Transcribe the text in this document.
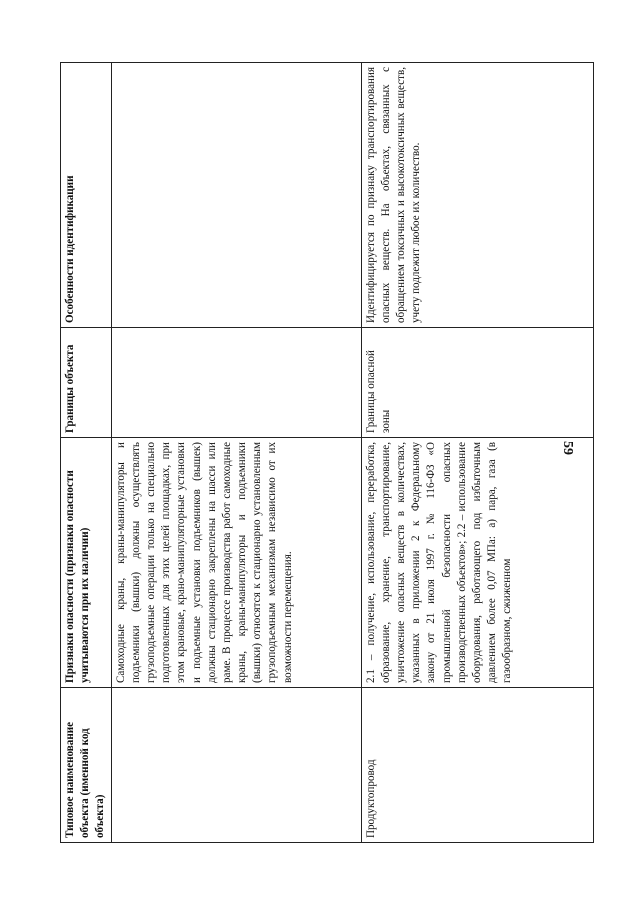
59
Типовое наименование объекта (именной код объекта)	Признаки опасности (признаки опасности учитываются при их наличии)	Границы объекта	Особенности идентификации
	Самоходные краны, краны-манипуляторы и подъемники (вышки) должны осуществлять грузоподъемные операции только на специально подготовленных для этих целей площадках, при этом крановые, крано-манипуляторные установки и подъемные установки подъемников (вышек) должны стационарно закреплены на шасси или раме. В процессе производства работ самоходные краны, краны-манипуляторы и подъемники (вышки) относятся к стационарно установленным грузоподъемным механизмам независимо от их возможности перемещения.		
Продуктопровод	2.1 – получение, использование, переработка, образование, хранение, транспортирование, уничтожение опасных веществ в количествах, указанных в приложении 2 к Федеральному закону от 21 июля 1997 г. № 116-ФЗ «О промышленной безопасности опасных производственных объектов»; 2.2 – использование оборудования, работающего под избыточным давлением более 0,07 МПа: а) пара, газа (в газообразном, сжиженном	Границы опасной зоны	Идентифицируется по признаку транспортирования опасных веществ. На объектах, связанных с обращением токсичных и высокотоксичных веществ, учету подлежит любое их количество.
